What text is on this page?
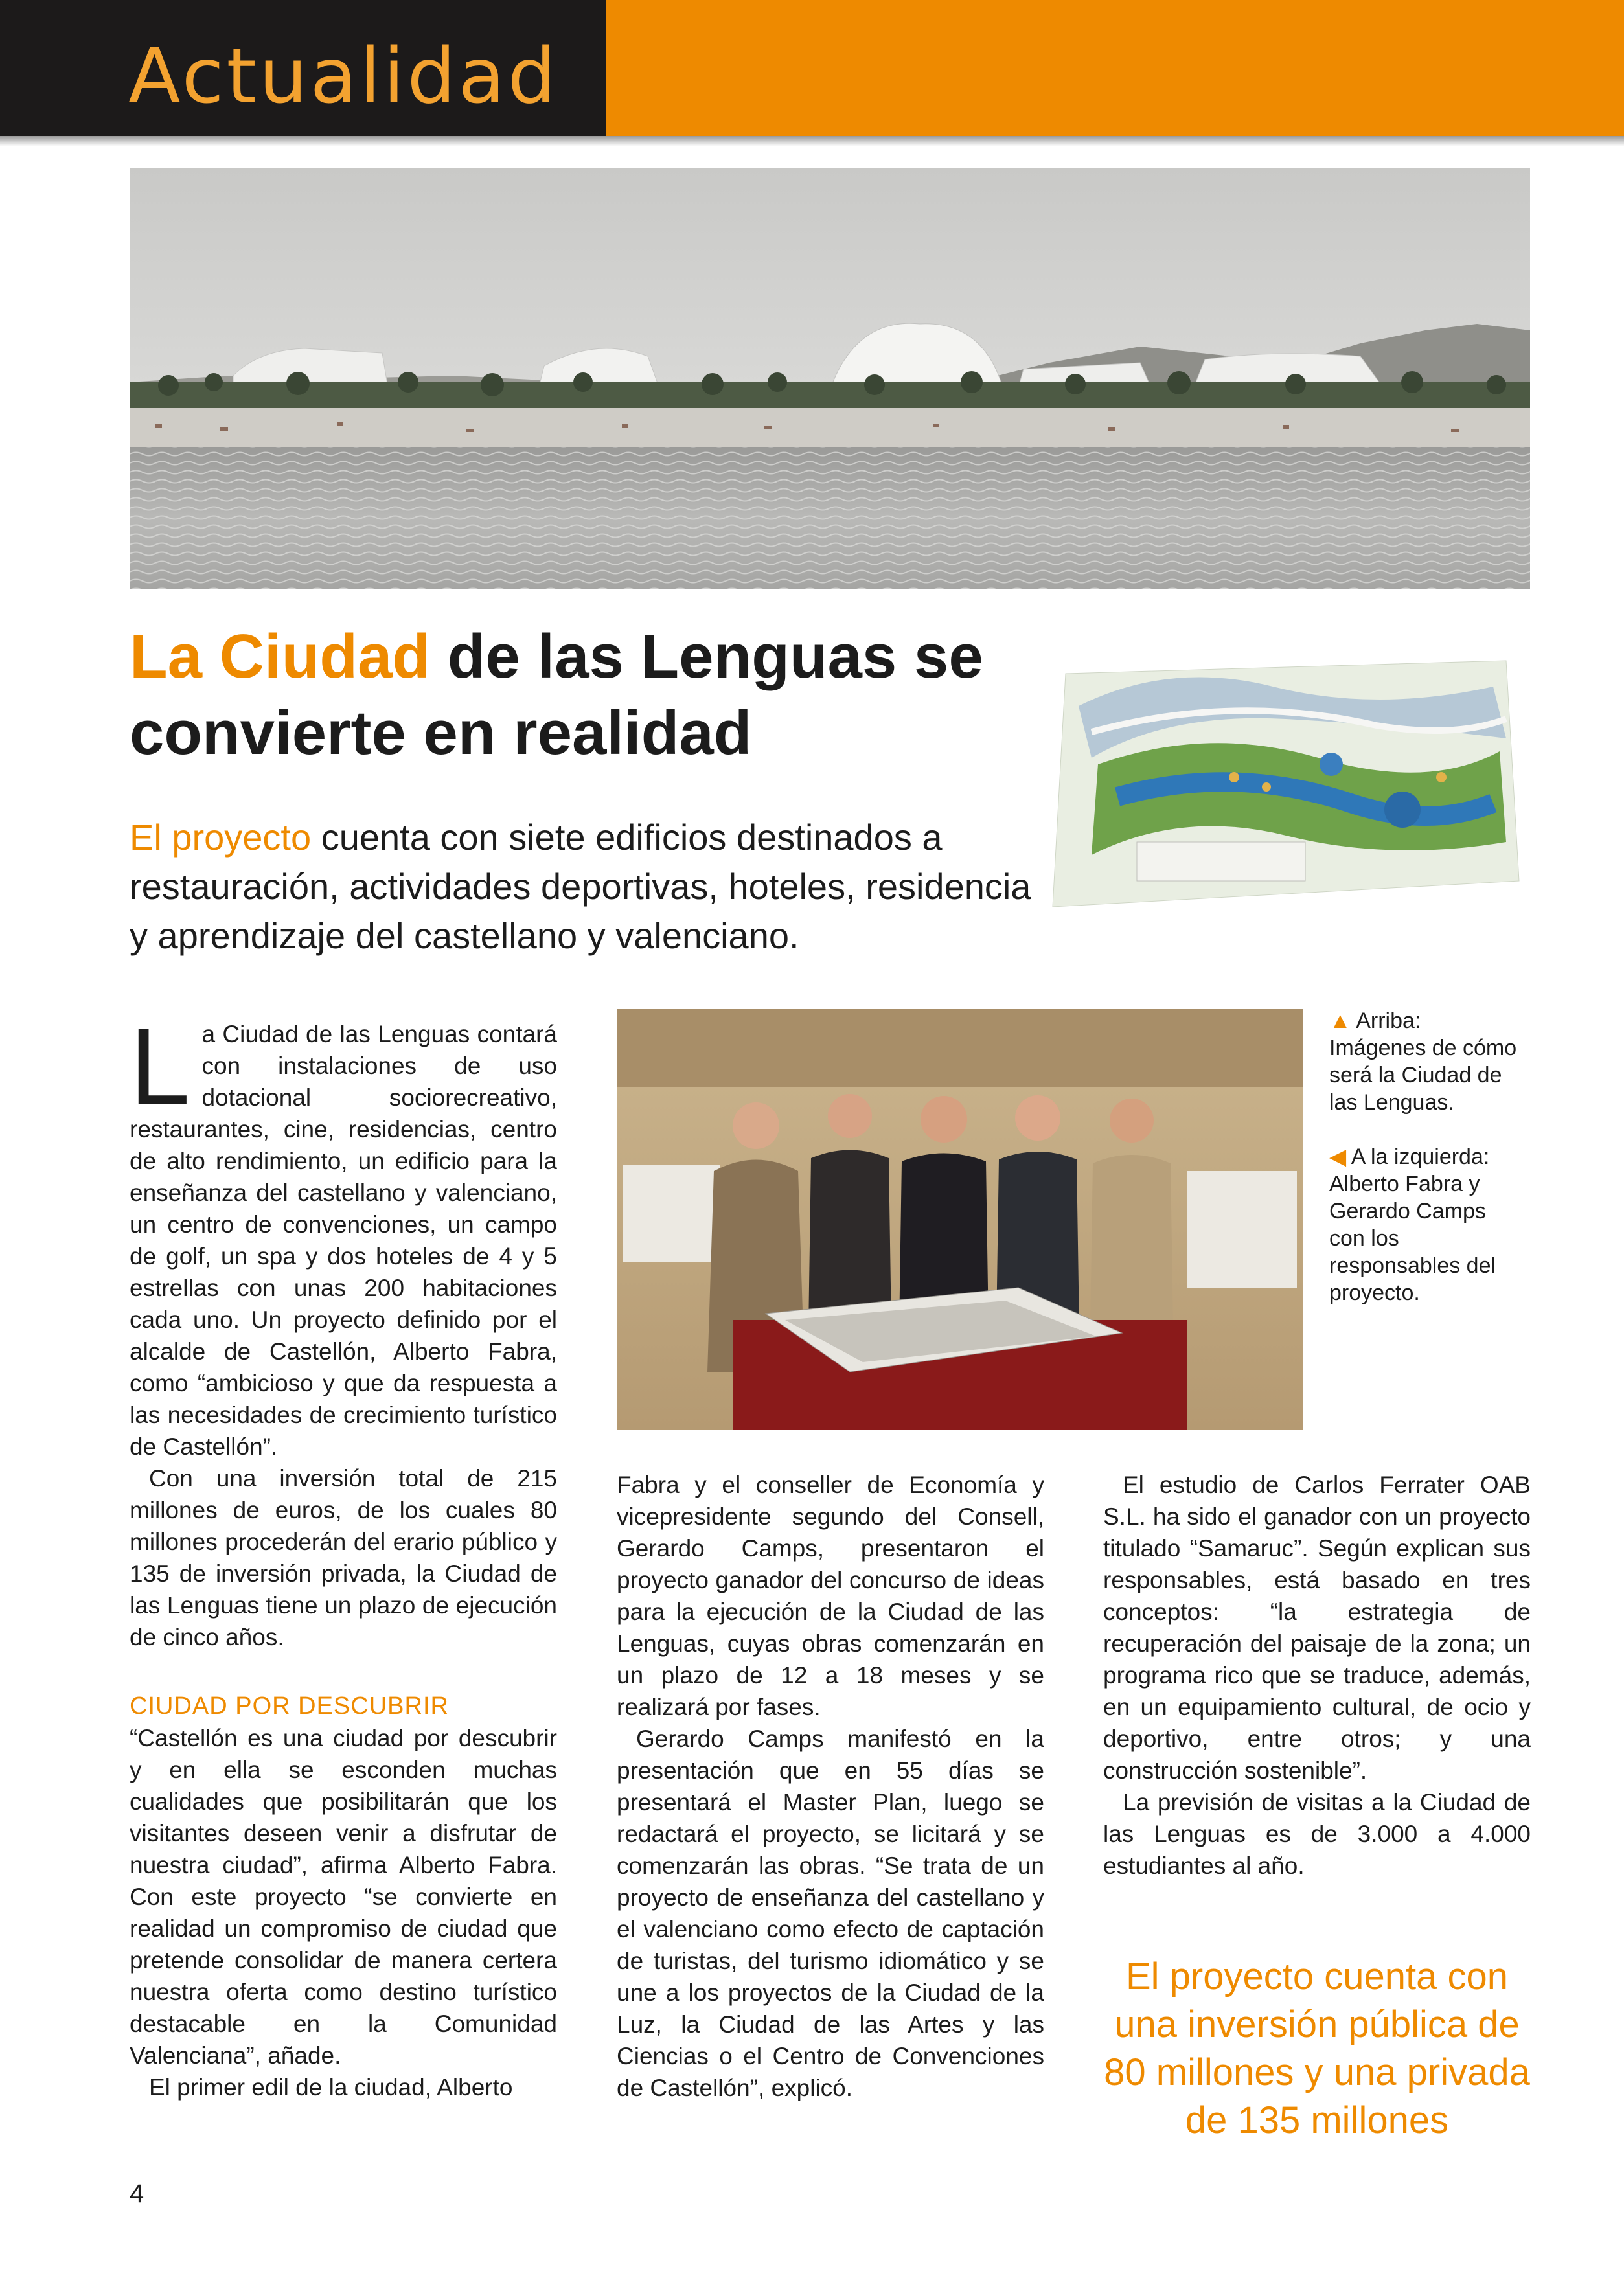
Actualidad
La Ciudad de las Lenguas se convierte en realidad
El proyecto cuenta con siete edificios destinados a restauración, actividades deportivas, hoteles, residencia y aprendizaje del castellano y valenciano.
▲ Arriba: Imágenes de cómo será la Ciudad de las Lenguas.
◀ A la izquierda: Alberto Fabra y Gerardo Camps con los responsables del proyecto.

La Ciudad de las Lenguas contará con instalaciones de uso dotacional sociorecreativo, restaurantes, cine, residencias, centro de alto rendimiento, un edificio para la enseñanza del castellano y valenciano, un centro de convenciones, un campo de golf, un spa y dos hoteles de 4 y 5 estrellas con unas 200 habitaciones cada uno. Un proyecto definido por el alcalde de Castellón, Alberto Fabra, como “ambicioso y que da respuesta a las necesidades de crecimiento turístico de Castellón”.

Con una inversión total de 215 millones de euros, de los cuales 80 millones procederán del erario público y 135 de inversión privada, la Ciudad de las Lenguas tiene un plazo de ejecución de cinco años.

CIUDAD POR DESCUBRIR

“Castellón es una ciudad por descubrir y en ella se esconden muchas cualidades que posibilitarán que los visitantes deseen venir a disfrutar de nuestra ciudad”, afirma Alberto Fabra. Con este proyecto “se convierte en realidad un compromiso de ciudad que pretende consolidar de manera certera nuestra oferta como destino turístico destacable en la Comunidad Valenciana”, añade.

El primer edil de la ciudad, Alberto

Fabra y el conseller de Economía y vicepresidente segundo del Consell, Gerardo Camps, presentaron el proyecto ganador del concurso de ideas para la ejecución de la Ciudad de las Lenguas, cuyas obras comenzarán en un plazo de 12 a 18 meses y se realizará por fases.

Gerardo Camps manifestó en la presentación que en 55 días se presentará el Master Plan, luego se redactará el proyecto, se licitará y se comenzarán las obras. “Se trata de un proyecto de enseñanza del castellano y el valenciano como efecto de captación de turistas, del turismo idiomático y se une a los proyectos de la Ciudad de la Luz, la Ciudad de las Artes y las Ciencias o el Centro de Convenciones de Castellón”, explicó.

El estudio de Carlos Ferrater OAB S.L. ha sido el ganador con un proyecto titulado “Samaruc”. Según explican sus responsables, está basado en tres conceptos: “la estrategia de recuperación del paisaje de la zona; un programa rico que se traduce, además, en un equipamiento cultural, de ocio y deportivo, entre otros; y una construcción sostenible”.

La previsión de visitas a la Ciudad de las Lenguas es de 3.000 a 4.000 estudiantes al año.

El proyecto cuenta con una inversión pública de 80 millones y una privada de 135 millones
4
